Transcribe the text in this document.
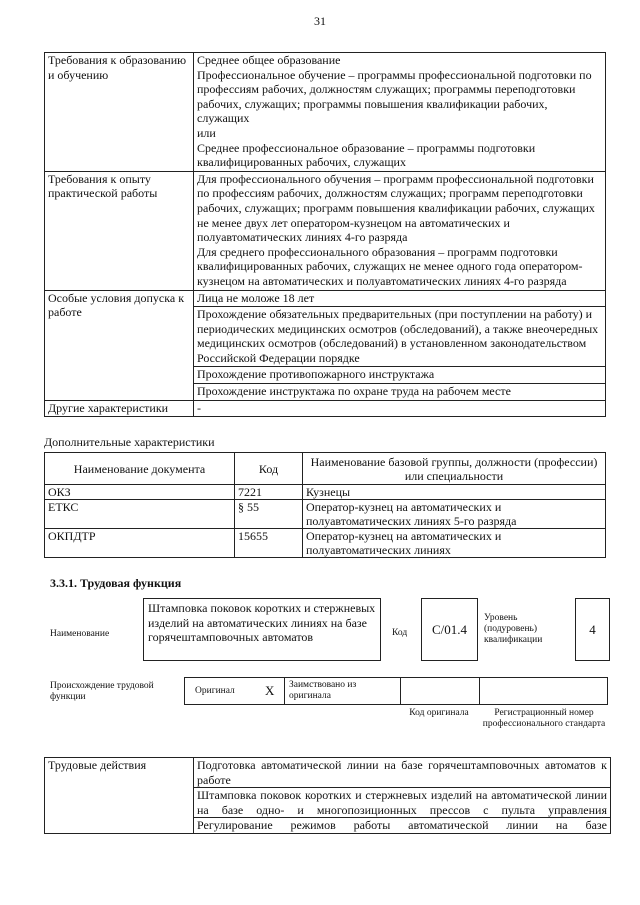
31
Требования к образованию и обучению	Среднее общее образование
Профессиональное обучение – программы профессиональной подготовки по профессиям рабочих, должностям служащих; программы переподготовки рабочих, служащих; программы повышения квалификации рабочих, служащих
или
Среднее профессиональное образование – программы подготовки квалифицированных рабочих, служащих
Требования к опыту практической работы	Для профессионального обучения – программ профессиональной подготовки по профессиям рабочих, должностям служащих; программ переподготовки рабочих, служащих; программ повышения квалификации рабочих, служащих не менее двух лет оператором-кузнецом на автоматических и полуавтоматических линиях 4-го разряда
Для среднего профессионального образования – программ подготовки квалифицированных рабочих, служащих не менее одного года оператором-кузнецом на автоматических и полуавтоматических линиях 4-го разряда
Особые условия допуска к работе	Лица не моложе 18 лет
	Прохождение обязательных предварительных (при поступлении на работу) и периодических медицинских осмотров (обследований), а также внеочередных медицинских осмотров (обследований) в установленном законодательством Российской Федерации порядке
	Прохождение противопожарного инструктажа
	Прохождение инструктажа по охране труда на рабочем месте
Другие характеристики	-
Дополнительные характеристики
Наименование документа	Код	Наименование базовой группы, должности (профессии) или специальности
ОКЗ	7221	Кузнецы
ЕТКС	§ 55	Оператор-кузнец на автоматических и полуавтоматических линиях 5-го разряда
ОКПДТР	15655	Оператор-кузнец на автоматических и полуавтоматических линиях
3.3.1. Трудовая функция
Наименование
Штамповка поковок коротких и стержневых изделий на автоматических линиях на базе горячештамповочных автоматов	Код	C/01.4
Уровень (подуровень) квалификации
4
Происхождение трудовой функции
Оригинал X Заимствовано из оригинала
Код оригинала	Регистрационный номер профессионального стандарта
Трудовые действия	Подготовка автоматической линии на базе горячештамповочных автоматов к работе
Штамповка поковок коротких и стержневых изделий на автоматической линии на базе одно- и многопозиционных прессов с пульта управления
Регулирование режимов работы автоматической линии на базе
